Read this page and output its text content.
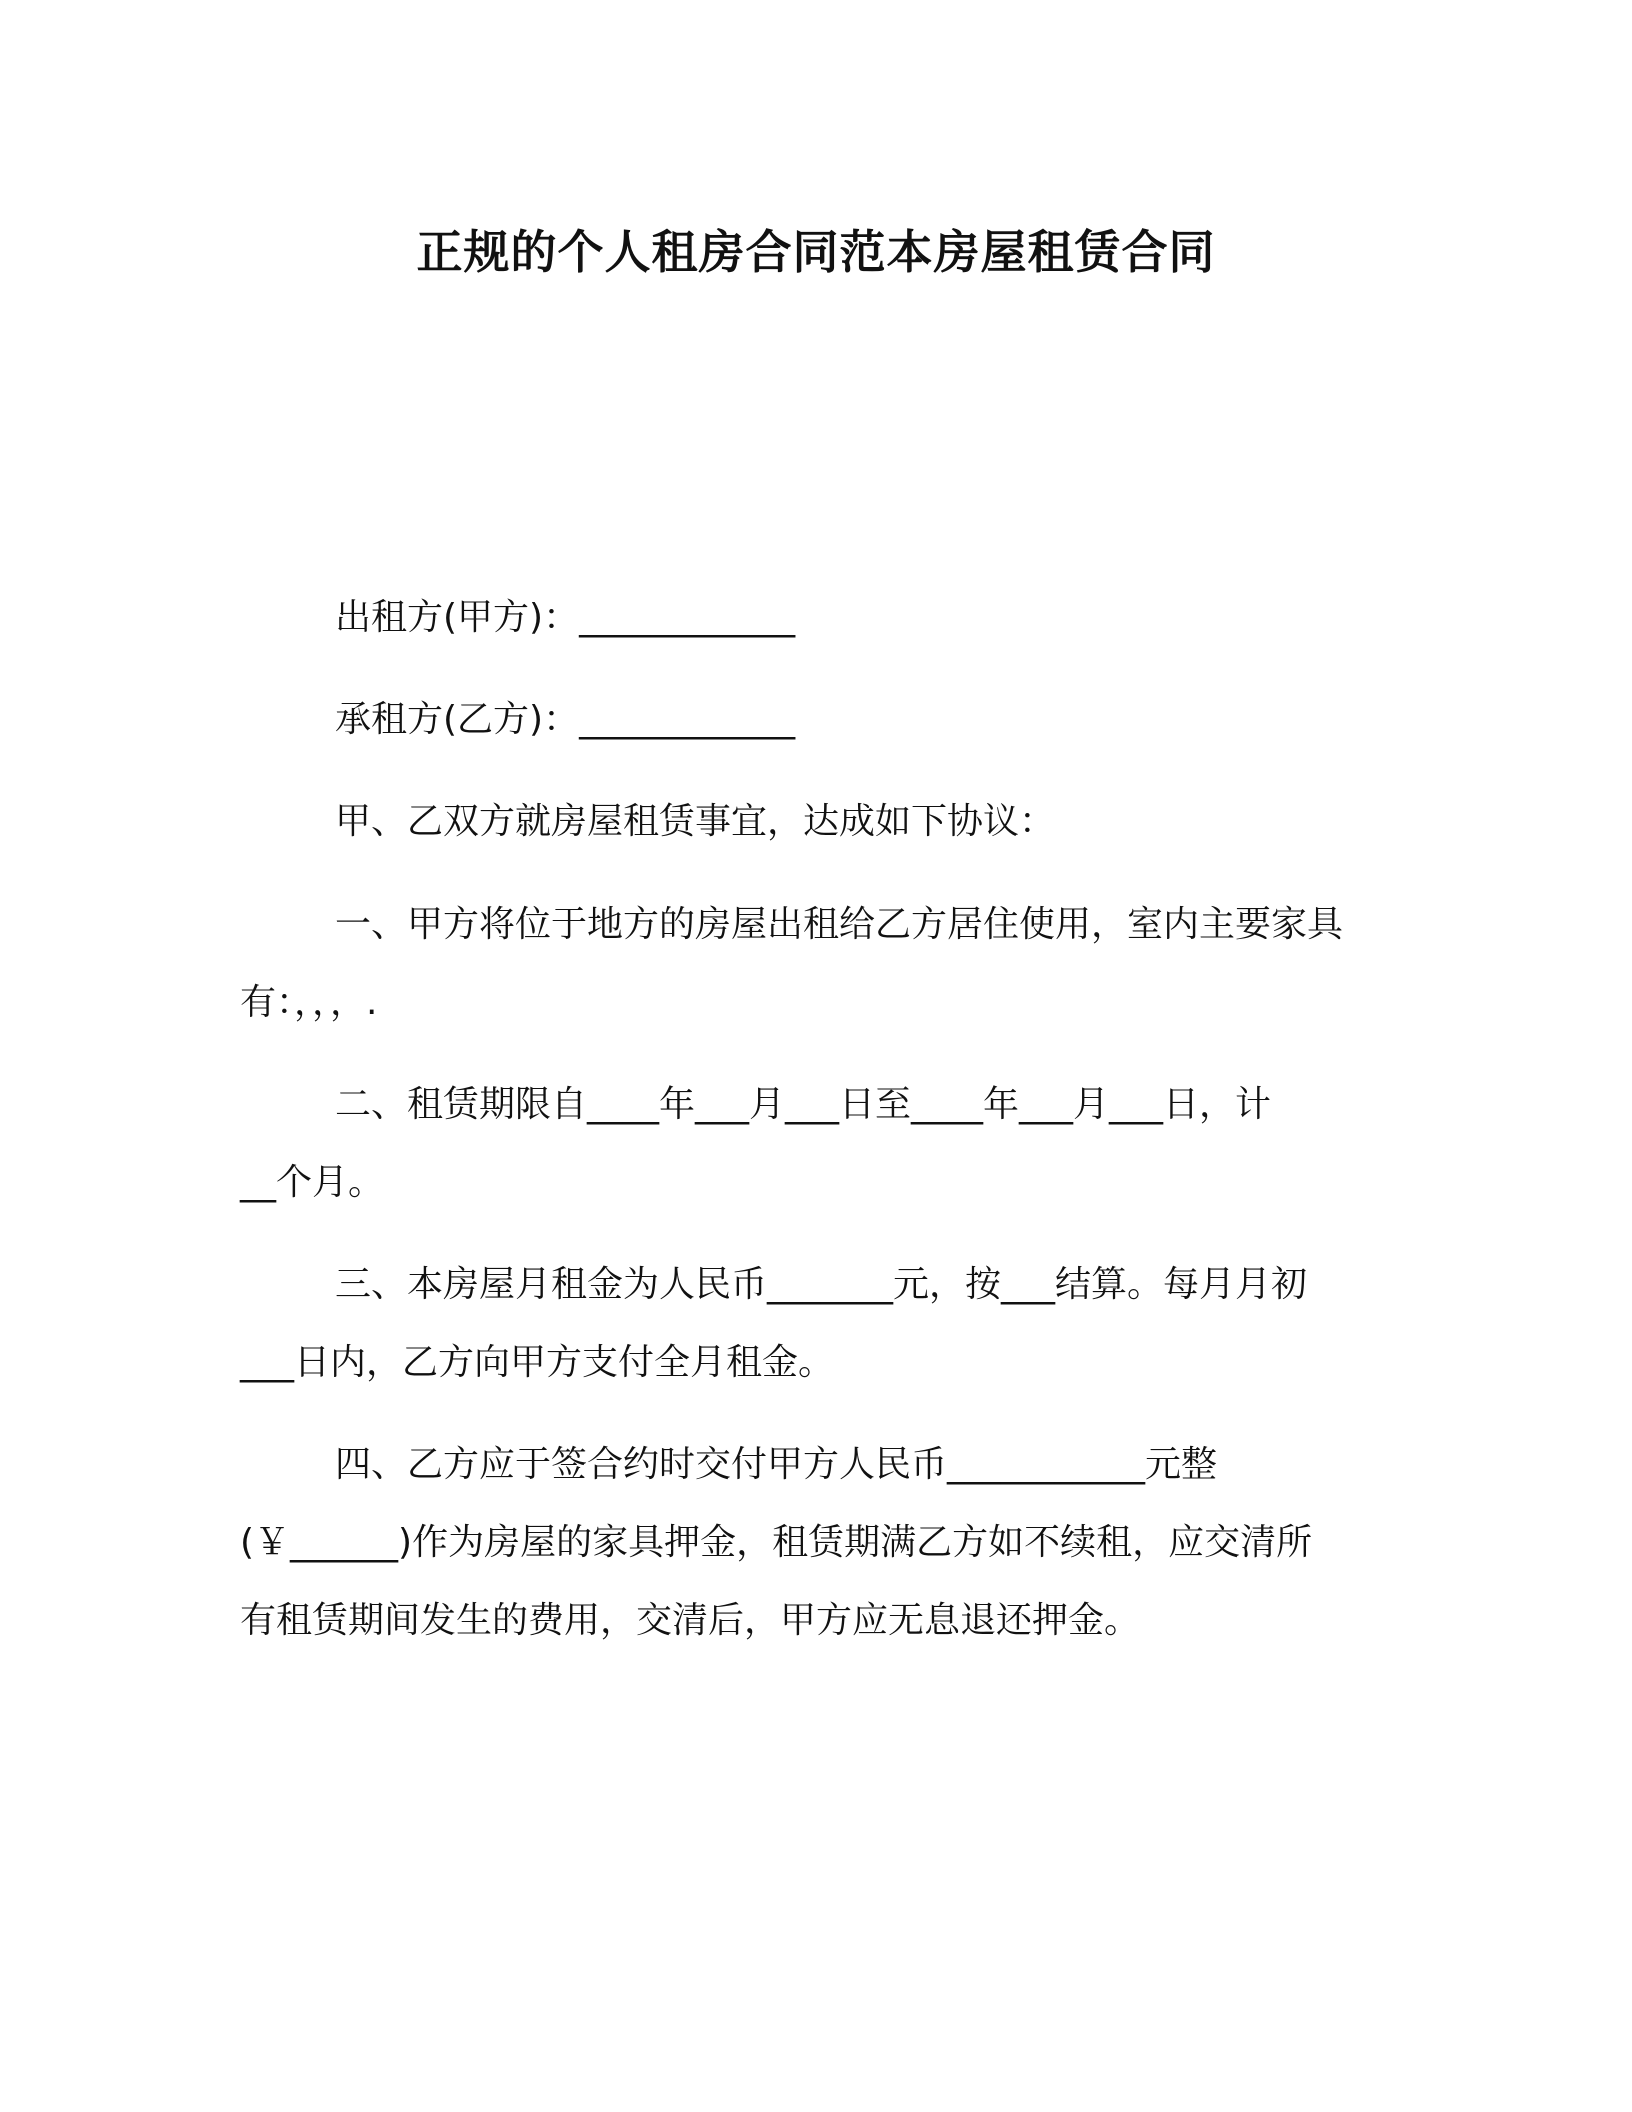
正规的个人租房合同范本房屋租赁合同
出租方(甲方)：____________
承租方(乙方)：____________
甲、乙双方就房屋租赁事宜，达成如下协议：
一、甲方将位于地方的房屋出租给乙方居住使用，室内主要家具
有：，，，.
二、租赁期限自____年___月___日至____年___月___日，计
__个月。
三、本房屋月租金为人民币_______元，按___结算。每月月初
___日内，乙方向甲方支付全月租金。
四、乙方应于签合约时交付甲方人民币___________元整
(￥______)作为房屋的家具押金，租赁期满乙方如不续租，应交清所
有租赁期间发生的费用，交清后，甲方应无息退还押金。
